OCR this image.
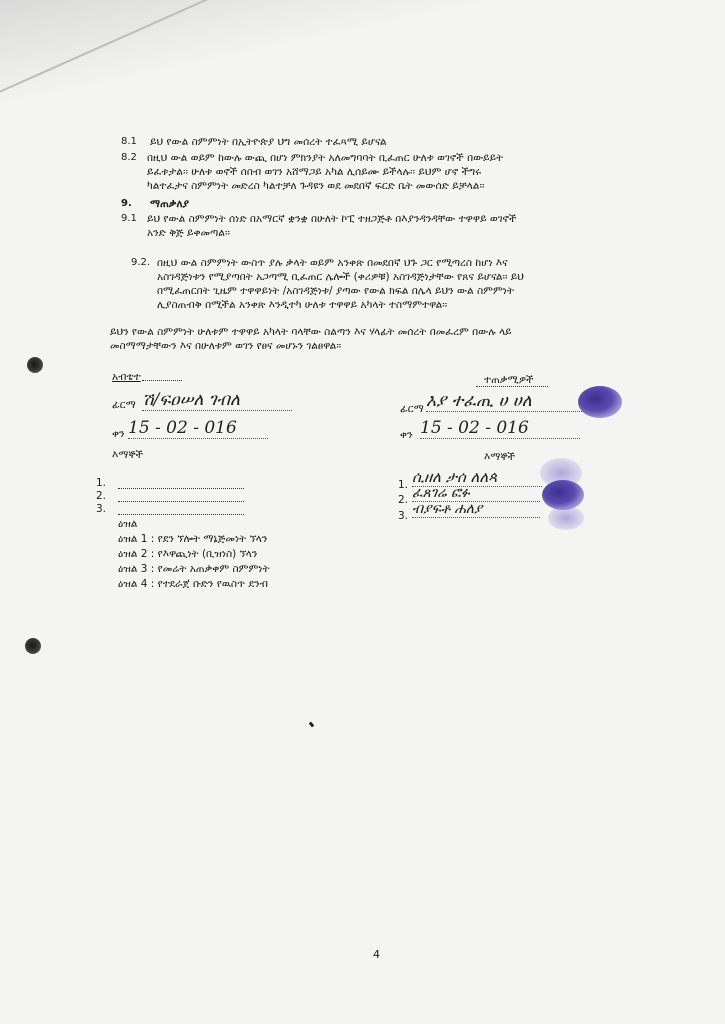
8.1 ይህ የውል ስምምነት በኢትዮጵያ ህግ መሰረት ተፈጻሚ ይሆናል
8.2 በዚህ ውል ወይም ከውሉ ውጪ በሆነ ምክንያት አለመግባባት ቢፈጠር ሁለቱ ወገኖች በውይይት
ይፈቱታል፡፡ ሁለቱ ወኖች ሰበብ ወገን አሸማጋይ አካል ሊሰይሙ ይችላሉ፡፡ ይህም ሆኖ ችግሩ
ካልተፈታና ስምምነት መድረስ ካልተቻለ ጉዳዩን ወደ መደበኛ ፍርድ ቤት መውሰድ ይቻላል፡፡
9. ማጠቃለያ
9.1 ይህ የውል ስምምነት ሰነድ በአማርኛ ቋንቋ በሁለት ኮፒ ተዘጋጅቶ በእያንዳንዳቸው ተዋዋይ ወገኖች
አንድ ቅጅ ይቀመጣል፡፡
9.2. በዚህ ውል ስምምነት ውስጥ ያሉ ቃላት ወይም አንቀጽ በመደበኛ ህጉ ጋር የሚጣረስ ከሆነ እና
አስገዳጅነቱን የሚያጣበት አጋጣሚ ቢፈጠር ሌሎች (ቀሪዎቹ) አስገዳጅነታቸው የጸና ይሆናል፡፡ ይህ
በሚፈጠርበት ጊዜም ተዋዋይነት /አስገዳጅነቱ/ ያጣው የውል ክፍል በሌላ ይህን ውል ስምምነት
ሊያስጠብቅ በሚችል አንቀጽ እንዲተካ ሁለቱ ተዋዋይ አካላት ተስማምተዋል፡፡
ይህን የውል ስምምነት ሁለቱም ተዋዋይ አካላት ባላቸው ስልጣን እና ሃላፊት መሰረት በመፈረም በውሉ ላይ
መስማማታቸውን እና በሁለቱም ወገን የፀና መሆኑን ገልፀዋል፡፡
አብቴተ
ፊርማ ሽ/ፍዐሠለ ገብለ
ቀን 15 - 02 - 016
እማኞች
1.
2.
3.
ዕዝል
ዕዝል 1 : የደን ኘሎት ማኔጅመነት ኘላን
ዕዝል 2 : የእዋጪነት (ቢዝነስ) ኘላን
ዕዝል 3 : የመሬት አጠቃቀም ስምምነት
ዕዝል 4 : የተደራጀ ቡድን የዉስጥ ደንብ
ተጠቃሚዎች
ፊርማ እያ ተፈጢ ሀ ሀለ
ቀን 15 - 02 - 016
እማኞች
1. ሲዘለ ታሰ ለለጳ
2. ፈጸገሬ ፎፉ
3. ብያፍቶ ሐለያ
4
